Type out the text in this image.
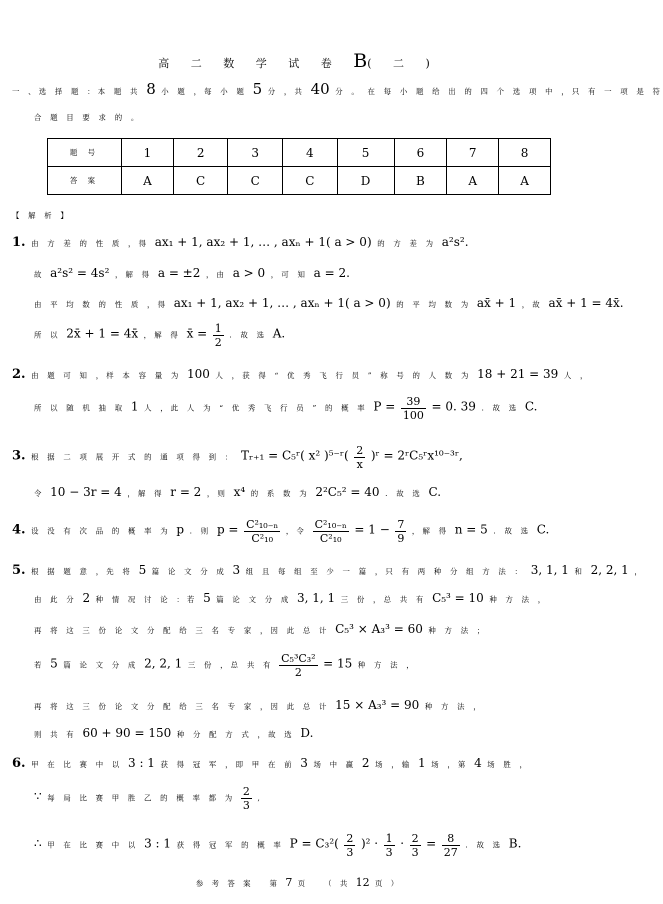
高 二 数 学 试 卷 B( 二 )
一 、选 择 题 ：本 题 共 8 小 题 ，每 小 题 5 分 ，共 40 分 。 在 每 小 题 给 出 的 四 个 选 项 中 ，只 有 一 项 是 符
合 题 目 要 求 的 。
题 号	1	2	3	4	5	6	7	8
答 案	A	C	C	C	D	B	A	A
【 解 析 】
1. 由 方 差 的 性 质 ，得 ax₁ + 1, ax₂ + 1, … , axₙ + 1( a > 0) 的 方 差 为 a²s².
故 a²s² = 4s² ，解 得 a = ±2 ，由 a > 0 ，可 知 a = 2.
由 平 均 数 的 性 质 ，得 ax₁ + 1, ax₂ + 1, … , axₙ + 1( a > 0) 的 平 均 数 为 ax̄ + 1 ，故 ax̄ + 1 = 4x̄.
所 以 2x̄ + 1 = 4x̄ ，解 得 x̄ = $\frac{1}{2}$ . 故 选 A.
2. 由 题 可 知 ，样 本 容 量 为 100 人 ，获 得 “ 优 秀 飞 行 员 ” 称 号 的 人 数 为 18 + 21 = 39 人 ，
所 以 随 机 抽 取 1 人 ，此 人 为 “ 优 秀 飞 行 员 ” 的 概 率 $P = \frac{39}{100} = 0$. 39 . 故 选 C.
3. 根 据 二 项 展 开 式 的 通 项 得 到 ： Tᵣ₊₁ = C₅ʳ( x² )⁵⁻ʳ( $\frac{2}{x}$ )ʳ = 2ʳC₅ʳx¹⁰⁻³ʳ,
令 10 − 3r = 4 ，解 得 r = 2 ，则 x⁴ 的 系 数 为 2²C₅² = 40 . 故 选 C.
4. 设 没 有 次 品 的 概 率 为 p . 则 $p = \frac{\text{C²₁₀₋ₙ}}{\text{C²₁₀}}$ ，令 $\frac{\text{C²₁₀₋ₙ}}{\text{C²₁₀}} = 1 - \frac{7}{9}$ ，解 得 n = 5 . 故 选 C.
5. 根 据 题 意 ，先 将 5 篇 论 文 分 成 3 组 且 每 组 至 少 一 篇 ，只 有 两 种 分 组 方 法 ： 3, 1, 1 和 2, 2, 1 ，
由 此 分 2 种 情 况 讨 论 ：若 5 篇 论 文 分 成 3, 1, 1 三 份 ，总 共 有 C₅³ = 10 种 方 法 ，
再 将 这 三 份 论 文 分 配 给 三 名 专 家 ，因 此 总 计 C₅³ × A₃³ = 60 种 方 法 ；
若 5 篇 论 文 分 成 2, 2, 1 三 份 ，总 共 有 $\frac{\text{C₅³C₃²}}{2} = 15$ 种 方 法 ，
再 将 这 三 份 论 文 分 配 给 三 名 专 家 ，因 此 总 计 15 × A₃³ = 90 种 方 法 ，
则 共 有 60 + 90 = 150 种 分 配 方 式 ，故 选 D.
6. 甲 在 比 赛 中 以 3 : 1 获 得 冠 军 ，即 甲 在 前 3 场 中 赢 2 场 ，输 1 场 ，第 4 场 胜 ，
∵ 每 局 比 赛 甲 胜 乙 的 概 率 都 为 $\frac{2}{3}$ ,
∴ 甲 在 比 赛 中 以 3 : 1 获 得 冠 军 的 概 率 $P = C_3^2( \frac{2}{3} )^2 \cdot \frac{1}{3} \cdot \frac{2}{3} = \frac{8}{27}$ . 故 选 B.
参 考 答 案 第 7 页 （ 共 12 页 ）
